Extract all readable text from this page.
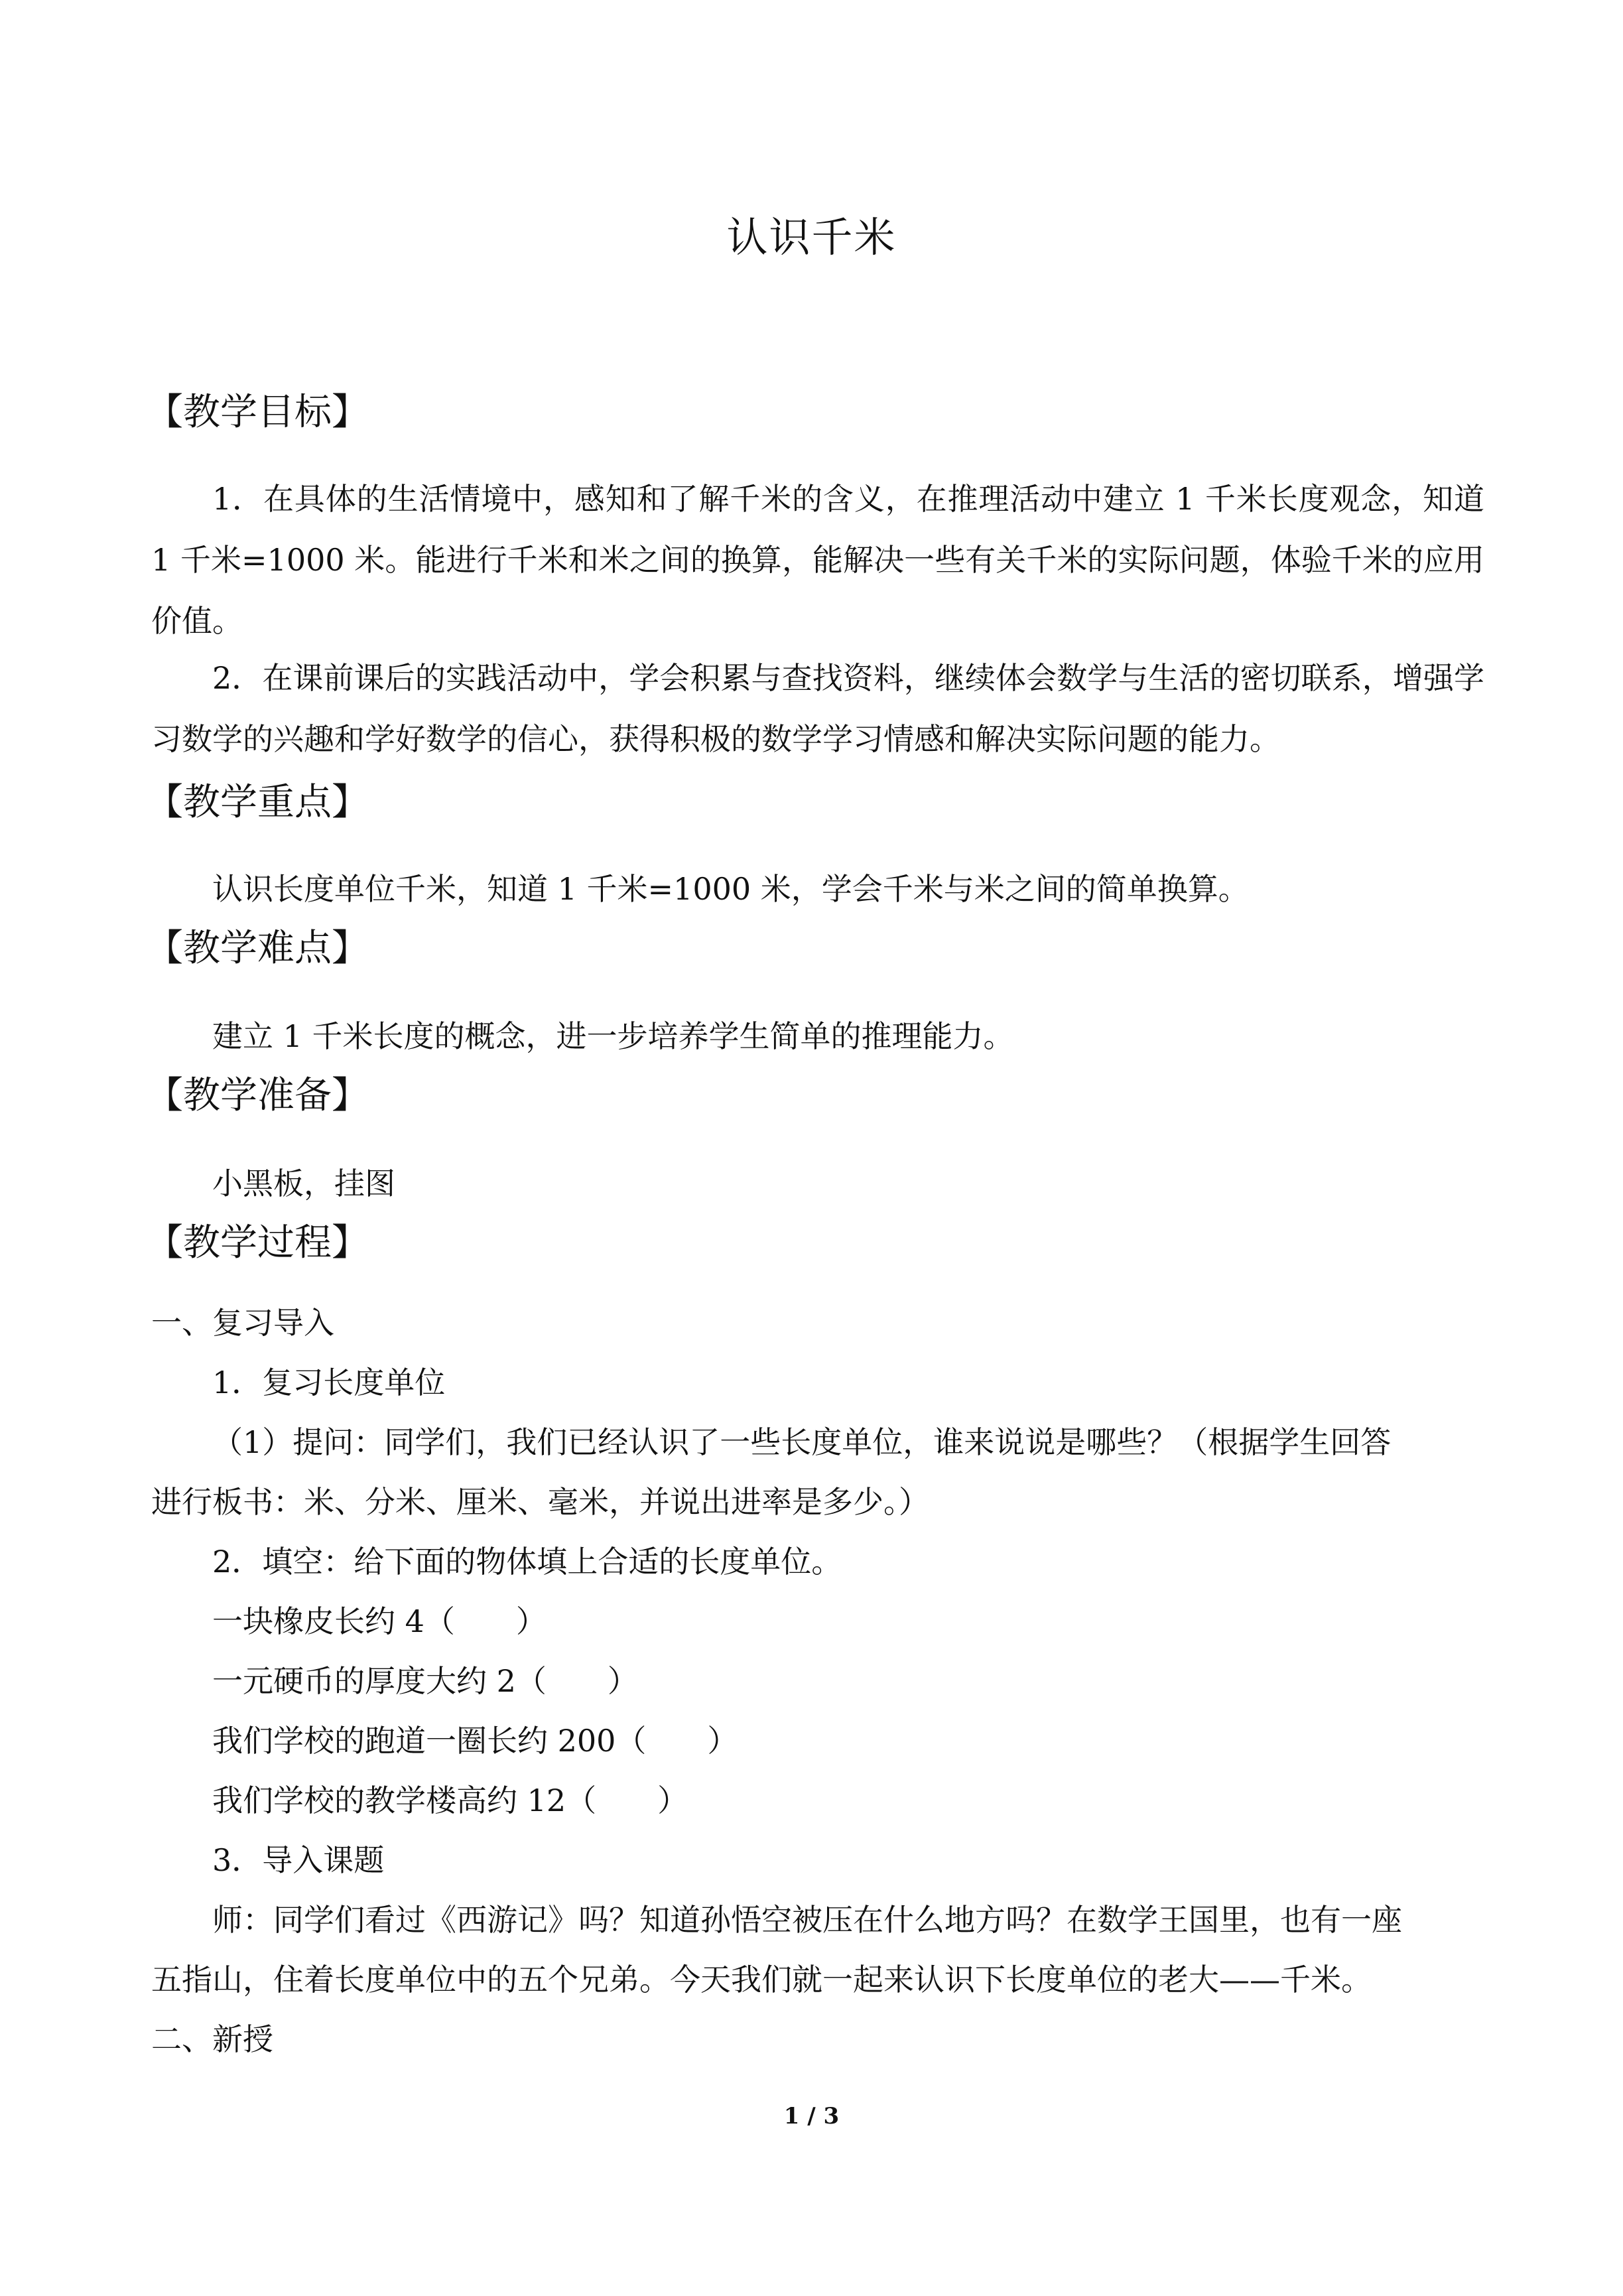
认识千米
【教学目标】

1．在具体的生活情境中，感知和了解千米的含义，在推理活动中建立 1 千米长度观念，知道 1 千米=1000 米。能进行千米和米之间的换算，能解决一些有关千米的实际问题，体验千米的应用价值。

2．在课前课后的实践活动中，学会积累与查找资料，继续体会数学与生活的密切联系，增强学习数学的兴趣和学好数学的信心，获得积极的数学学习情感和解决实际问题的能力。

【教学重点】

认识长度单位千米，知道 1 千米=1000 米，学会千米与米之间的简单换算。

【教学难点】

建立 1 千米长度的概念，进一步培养学生简单的推理能力。

【教学准备】

小黑板，挂图

【教学过程】
一、复习导入
1．复习长度单位
（1）提问：同学们，我们已经认识了一些长度单位，谁来说说是哪些？（根据学生回答
进行板书：米、分米、厘米、毫米，并说出进率是多少。）
2．填空：给下面的物体填上合适的长度单位。
一块橡皮长约 4（　　）
一元硬币的厚度大约 2（　　）
我们学校的跑道一圈长约 200（　　）
我们学校的教学楼高约 12（　　）
3．导入课题
师：同学们看过《西游记》吗？知道孙悟空被压在什么地方吗？在数学王国里，也有一座
五指山，住着长度单位中的五个兄弟。今天我们就一起来认识下长度单位的老大——千米。
二、新授
1 / 3
